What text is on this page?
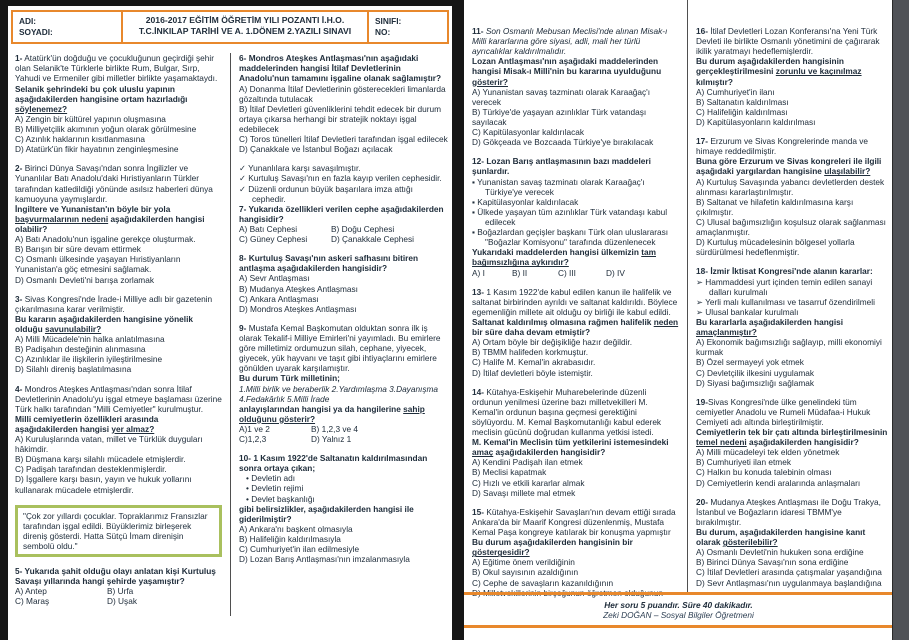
ADI:
SOYADI:
2016-2017 EĞİTİM ÖĞRETİM YILI POZANTI İ.H.O.
T.C.İNKILAP TARİHİ VE A. 1.DÖNEM 2.YAZILI SINAVI
SINIFI:
NO:

1- Atatürk'ün doğduğu ve çocukluğunun geçirdiği şehir olan Selanik'te Türklerle birlikte Rum, Bulgar, Sırp, Yahudi ve Ermeniler gibi milletler birlikte yaşamaktaydı.

Selanik şehrindeki bu çok uluslu yapının aşağıdakilerden hangisine ortam hazırladığı söylenemez?

A) Zengin bir kültürel yapının oluşmasına
B) Milliyetçilik akımının yoğun olarak görülmesine
C) Azınlık haklarının kısıtlanmasına
D) Atatürk'ün fikir hayatının zenginleşmesine

2- Birinci Dünya Savaşı'ndan sonra İngilizler ve Yunanlılar Batı Anadolu'daki Hıristiyanların Türkler tarafından katledildiği yönünde asılsız haberleri dünya kamuoyuna yaymışlardır.

İngiltere ve Yunanistan'ın böyle bir yola başvurmalarının nedeni aşağıdakilerden hangisi olabilir?

A) Batı Anadolu'nun işgaline gerekçe oluşturmak.
B) Barışın bir süre devam ettirmek
C) Osmanlı ülkesinde yaşayan Hıristiyanların Yunanistan'a göç etmesini sağlamak.
D) Osmanlı Devleti'ni barışa zorlamak

3- Sivas Kongresi'nde İrade-i Milliye adlı bir gazetenin çıkarılmasına karar verilmiştir.

Bu kararın aşağıdakilerden hangisine yönelik olduğu savunulabilir?

A) Milli Mücadele'nin halka anlatılmasına
B) Padişahın desteğinin alınmasına
C) Azınlıklar ile ilişkilerin iyileştirilmesine
D) Silahlı direniş başlatılmasına

4- Mondros Ateşkes Antlaşması'ndan sonra İtilaf Devletlerinin Anadolu'yu işgal etmeye başlaması üzerine Türk halkı tarafından "Milli Cemiyetler" kurulmuştur.

Milli cemiyetlerin özellikleri arasında aşağıdakilerden hangisi yer almaz?

A) Kuruluşlarında vatan, millet ve Türklük duyguları hâkimdir.
B) Düşmana karşı silahlı mücadele etmişlerdir.
C) Padişah tarafından desteklenmişlerdir.
D) İşgallere karşı basın, yayın ve hukuk yollarını kullanarak mücadele etmişlerdir.
"Çok zor yıllardı çocuklar. Topraklarımız Fransızlar tarafından işgal edildi. Büyüklerimiz birleşerek direniş gösterdi. Hatta Sütçü İmam direnişin sembolü oldu."

5- Yukarıda şahit olduğu olayı anlatan kişi Kurtuluş Savaşı yıllarında hangi şehirde yaşamıştır?

A) Antep	B) Urfa
C) Maraş	D) Uşak

6- Mondros Ateşkes Antlaşması'nın aşağıdaki maddelerinden hangisi İtilaf Devletlerinin Anadolu'nun tamamını işgaline olanak sağlamıştır?

A) Donanma İtilaf Devletlerinin gösterecekleri limanlarda gözaltında tutulacak
B) İtilaf Devletleri güvenliklerini tehdit edecek bir durum ortaya çıkarsa herhangi bir stratejik noktayı işgal edebilecek
C) Toros tünelleri İtilaf Devletleri tarafından işgal edilecek
D) Çanakkale ve İstanbul Boğazı açılacak
✓ Yunanlılara karşı savaşılmıştır.
✓ Kurtuluş Savaşı'nın en fazla kayıp verilen cephesidir.
✓ Düzenli ordunun büyük başarılara imza attığı cephedir.

7- Yukarıda özellikleri verilen cephe aşağıdakilerden hangisidir?

A) Batı Cephesi	B) Doğu Cephesi
C) Güney Cephesi	D) Çanakkale Cephesi

8- Kurtuluş Savaşı'nın askeri safhasını bitiren antlaşma aşağıdakilerden hangisidir?

A) Sevr Antlaşması
B) Mudanya Ateşkes Antlaşması
C) Ankara Antlaşması
D) Mondros Ateşkes Antlaşması

9- Mustafa Kemal Başkomutan olduktan sonra ilk iş olarak Tekalif-i Milliye Emirleri'ni yayımladı. Bu emirlere göre milletimiz ordumuzun silah, cephane, yiyecek, giyecek, yük hayvanı ve taşıt gibi ihtiyaçlarını emirlere gönülden uyarak karşılamıştır.

Bu durum Türk milletinin;

1.Milli birlik ve beraberlik 2.Yardımlaşma 3.Dayanışma 4.Fedakârlık 5.Milli İrade

anlayışlarından hangisi ya da hangilerine sahip olduğunu gösterir?

A)1 ve 2	B) 1,2,3 ve 4
C)1,2,3	D) Yalnız 1

10- 1 Kasım 1922'de Saltanatın kaldırılmasından sonra ortaya çıkan;

• Devletin adı
• Devletin rejimi
• Devlet başkanlığı

gibi belirsizlikler, aşağıdakilerden hangisi ile giderilmiştir?

A) Ankara'nı başkent olmasıyla
B) Halifeliğin kaldırılmasıyla
C) Cumhuriyet'in ilan edilmesiyle
D) Lozan Barış Antlaşması'nın imzalanmasıyla

11- Son Osmanlı Mebusan Meclisi'nde alınan Misak-ı Milli kararlarına göre siyasi, adli, mali her türlü ayrıcalıklar kaldırılmalıdır.

Lozan Antlaşması'nın aşağıdaki maddelerinden hangisi Misak-ı Milli'nin bu kararına uyulduğunu gösterir?

A) Yunanistan savaş tazminatı olarak Karaağaç'ı verecek
B) Türkiye'de yaşayan azınlıklar Türk vatandaşı sayılacak
C) Kapitülasyonlar kaldırılacak
D) Gökçeada ve Bozcaada Türkiye'ye bırakılacak

12- Lozan Barış antlaşmasının bazı maddeleri şunlardır.

▪ Yunanistan savaş tazminatı olarak Karaağaç'ı Türkiye'ye verecek
▪ Kapitülasyonlar kaldırılacak
▪ Ülkede yaşayan tüm azınlıklar Türk vatandaşı kabul edilecek
▪ Boğazlardan geçişler başkanı Türk olan uluslararası "Boğazlar Komisyonu" tarafında düzenlenecek

Yukarıdaki maddelerden hangisi ülkemizin tam bağımsızlığına aykırıdır?

A) I	B) II	C) III	D) IV

13- 1 Kasım 1922'de kabul edilen kanun ile halifelik ve saltanat birbirinden ayrıldı ve saltanat kaldırıldı. Böylece egemenliğin millete ait olduğu oy birliği ile kabul edildi.

Saltanat kaldırılmış olmasına rağmen halifelik neden bir süre daha devam etmiştir?

A) Ortam böyle bir değişikliğe hazır değildir.
B) TBMM halifeden korkmuştur.
C) Halife M. Kemal'in akrabasıdır.
D) İtilaf devletleri böyle istemiştir.

14- Kütahya-Eskişehir Muharebelerinde düzenli ordunun yenilmesi üzerine bazı milletvekilleri M. Kemal'in ordunun başına geçmesi gerektiğini söylüyordu. M. Kemal Başkomutanlığı kabul ederek meclisin gücünü doğrudan kullanma yetkisi istedi.

M. Kemal'in Meclisin tüm yetkilerini istemesindeki amaç aşağıdakilerden hangisidir?

A) Kendini Padişah ilan etmek
B) Meclisi kapatmak
C) Hızlı ve etkili kararlar almak
D) Savaşı millete mal etmek

15- Kütahya-Eskişehir Savaşları'nın devam ettiği sırada Ankara'da bir Maarif Kongresi düzenlenmiş, Mustafa Kemal Paşa kongreye katılarak bir konuşma yapmıştır

Bu durum aşağıdakilerden hangisinin bir göstergesidir?

A) Eğitime önem verildiğinin
B) Okul sayısının azaldığının
C) Cephe de savaşların kazanıldığının
D) Milletvekillerinin birçoğunun öğretmen olduğunun

16- İtilaf Devletleri Lozan Konferansı'na Yeni Türk Devleti ile birlikte Osmanlı yönetimini de çağırarak ikilik yaratmayı hedeflemişlerdir.

Bu durum aşağıdakilerden hangisinin gerçekleştirilmesini zorunlu ve kaçınılmaz kılmıştır?

A) Cumhuriyet'in ilanı
B) Saltanatın kaldırılması
C) Halifeliğin kaldırılması
D) Kapitülasyonların kaldırılması

17- Erzurum ve Sivas Kongrelerinde manda ve himaye reddedilmiştir.

Buna göre Erzurum ve Sivas kongreleri ile ilgili aşağıdaki yargılardan hangisine ulaşılabilir?

A) Kurtuluş Savaşında yabancı devletlerden destek alınması kararlaştırılmıştır.
B) Saltanat ve hilafetin kaldırılmasına karşı çıkılmıştır.
C) Ulusal bağımsızlığın koşulsuz olarak sağlanması amaçlanmıştır.
D) Kurtuluş mücadelesinin bölgesel yollarla sürdürülmesi hedeflenmiştir.

18- İzmir İktisat Kongresi'nde alanın kararlar:

➢ Hammaddesi yurt içinden temin edilen sanayi dalları kurulmalı
➢ Yerli malı kullanılması ve tasarruf özendirilmeli
➢ Ulusal bankalar kurulmalı

Bu kararlarla aşağıdakilerden hangisi amaçlanmıştır?

A) Ekonomik bağımsızlığı sağlayıp, milli ekonomiyi kurmak
B) Özel sermayeyi yok etmek
C) Devletçilik ilkesini uygulamak
D) Siyasi bağımsızlığı sağlamak

19-Sivas Kongresi'nde ülke genelindeki tüm cemiyetler Anadolu ve Rumeli Müdafaa-i Hukuk Cemiyeti adı altında birleştirilmiştir.

Cemiyetlerin tek bir çatı altında birleştirilmesinin temel nedeni aşağıdakilerden hangisidir?

A) Milli mücadeleyi tek elden yönetmek
B) Cumhuriyeti ilan etmek
C) Halkın bu konuda talebinin olması
D) Cemiyetlerin kendi aralarında anlaşmaları

20- Mudanya Ateşkes Antlaşması ile Doğu Trakya, İstanbul ve Boğazların idaresi TBMM'ye bırakılmıştır.

Bu durum, aşağıdakilerden hangisine kanıt olarak gösterilebilir?

A) Osmanlı Devleti'nin hukuken sona erdiğine
B) Birinci Dünya Savaşı'nın sona erdiğine
C) İtilaf Devletleri arasında çatışmalar yaşandığına
D) Sevr Antlaşması'nın uygulanmaya başlandığına
Her soru 5 puandır. Süre 40 dakikadır.
Zeki DOĞAN – Sosyal Bilgiler Öğretmeni
